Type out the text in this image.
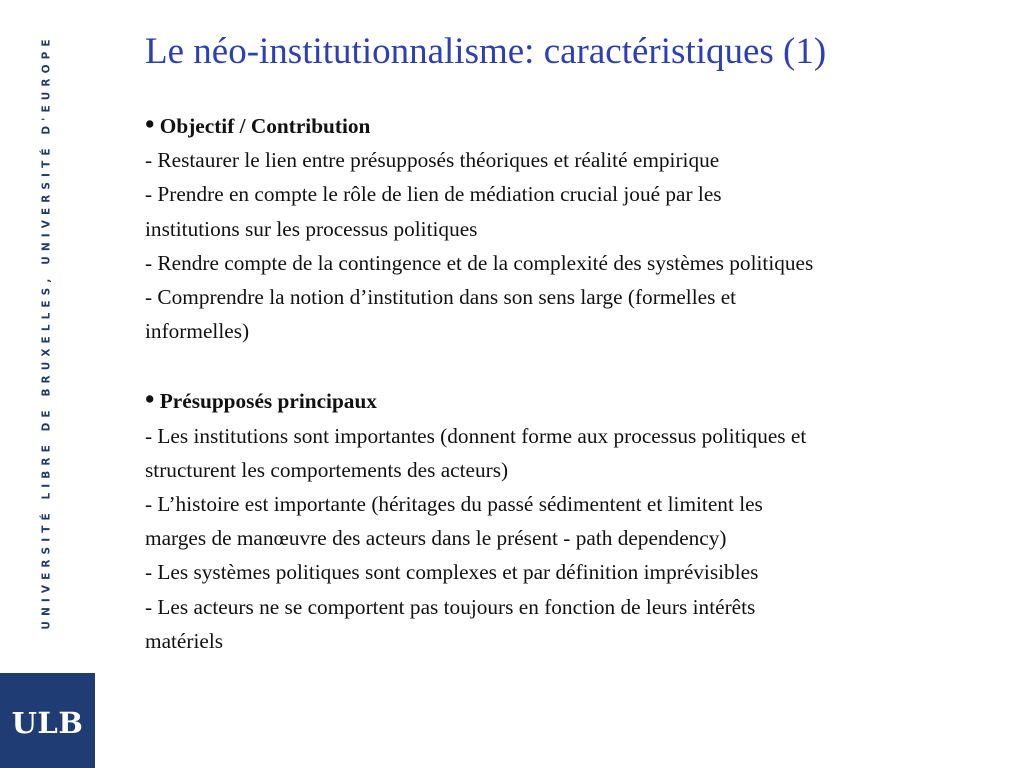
UNIVERSITÉ LIBRE DE BRUXELLES, UNIVERSITÉ D'EUROPE
ULB
Le néo-institutionnalisme: caractéristiques (1)
• Objectif / Contribution
- Restaurer le lien entre présupposés théoriques et réalité empirique
- Prendre en compte le rôle de lien de médiation crucial joué par les
institutions sur les processus politiques
- Rendre compte de la contingence et de la complexité des systèmes politiques
- Comprendre la notion d’institution dans son sens large (formelles et
informelles)
• Présupposés principaux
- Les institutions sont importantes (donnent forme aux processus politiques et
structurent les comportements des acteurs)
- L’histoire est importante (héritages du passé sédimentent et limitent les
marges de manœuvre des acteurs dans le présent - path dependency)
- Les systèmes politiques sont complexes et par définition imprévisibles
- Les acteurs ne se comportent pas toujours en fonction de leurs intérêts
matériels
